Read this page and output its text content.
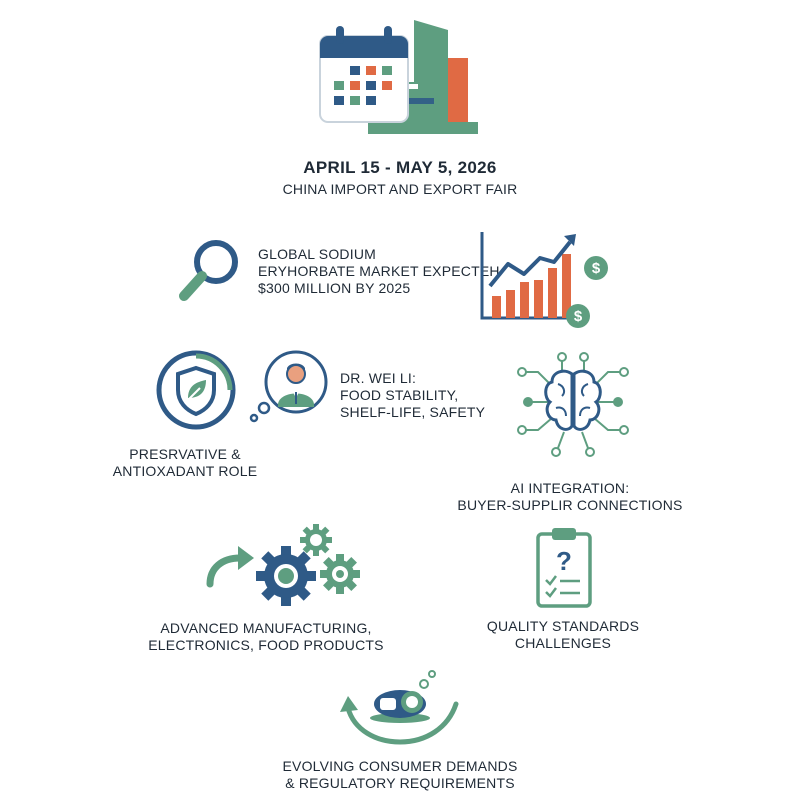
APRIL 15 - MAY 5, 2026
CHINA IMPORT AND EXPORT FAIR
GLOBAL SODIUM
ERYHORBATE MARKET EXPECTEH
$300 MILLION BY 2025
$
$
DR. WEI LI:
FOOD STABILITY,
SHELF-LIFE, SAFETY
PRESRVATIVE &
ANTIOXADANT ROLE
AI INTEGRATION:
BUYER-SUPPLIR CONNECTIONS
ADVANCED MANUFACTURING,
ELECTRONICS, FOOD PRODUCTS
?
QUALITY STANDARDS
CHALLENGES
EVOLVING CONSUMER DEMANDS
& REGULATORY REQUIREMENTS
